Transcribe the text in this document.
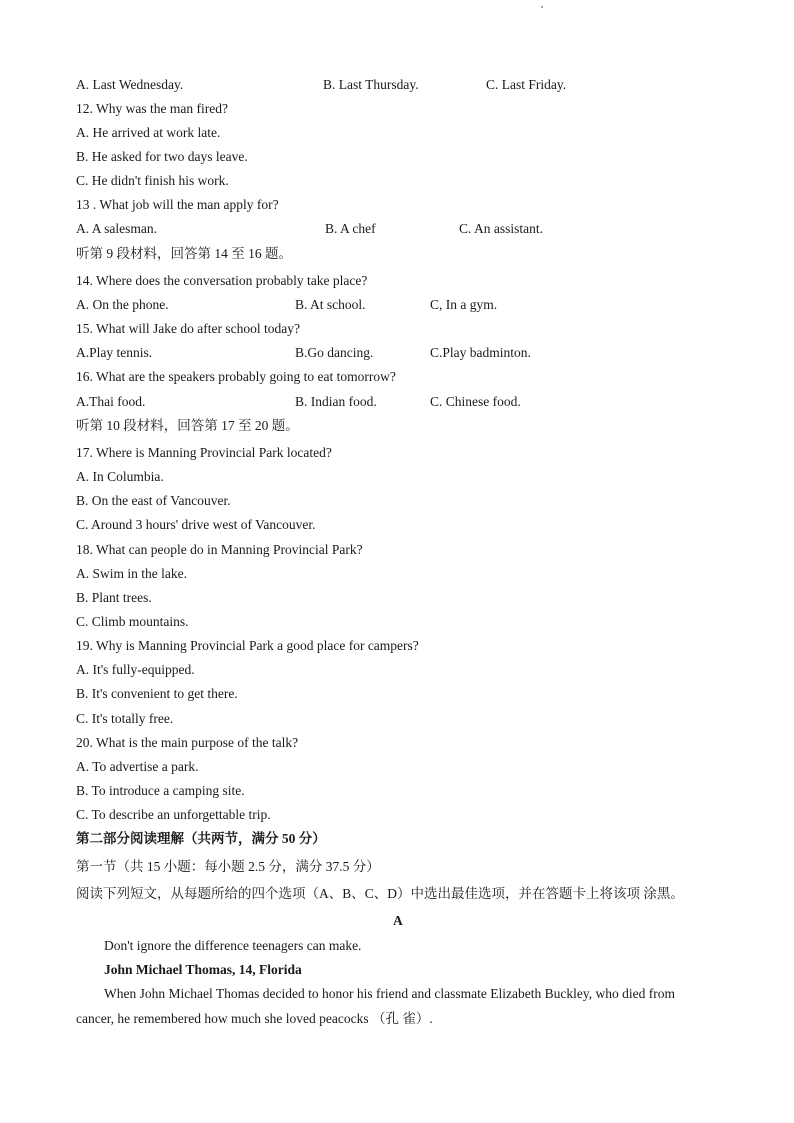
A. Last Wednesday.	B. Last Thursday.	C. Last Friday.
12. Why was the man fired?
A. He arrived at work late.
B. He asked for two days leave.
C. He didn't finish his work.
13 . What job will the man apply for?
A. A salesman.	B. A chef	C. An assistant.
听第 9 段材料，回答第 14 至 16 题。
14. Where does the conversation probably take place?
A. On the phone.	B. At school.	C, In a gym.
15. What will Jake do after school today?
A.Play tennis.	B.Go dancing.	C.Play badminton.
16. What are the speakers probably going to eat tomorrow?
A.Thai food.	B. Indian food.	C. Chinese food.
听第 10 段材料，回答第 17 至 20 题。
17. Where is Manning Provincial Park located?
A. In Columbia.
B. On the east of Vancouver.
C. Around 3 hours' drive west of Vancouver.
18. What can people do in Manning Provincial Park?
A. Swim in the lake.
B. Plant trees.
C. Climb mountains.
19. Why is Manning Provincial Park a good place for campers?
A. It's fully-equipped.
B. It's convenient to get there.
C. It's totally free.
20. What is the main purpose of the talk?
A. To advertise a park.
B. To introduce a camping site.
C. To describe an unforgettable trip.
第二部分阅读理解（共两节，满分 50 分）
第一节（共 15 小题：每小题 2.5 分，满分 37.5 分）
阅读下列短文，从每题所给的四个选项（A、B、C、D）中选出最佳选项，并在答题卡上将该项 涂黑。
A
Don't ignore the difference teenagers can make.
John Michael Thomas, 14, Florida
When John Michael Thomas decided to honor his friend and classmate Elizabeth Buckley, who died from
cancer, he remembered how much she loved peacocks （孔 雀）.
